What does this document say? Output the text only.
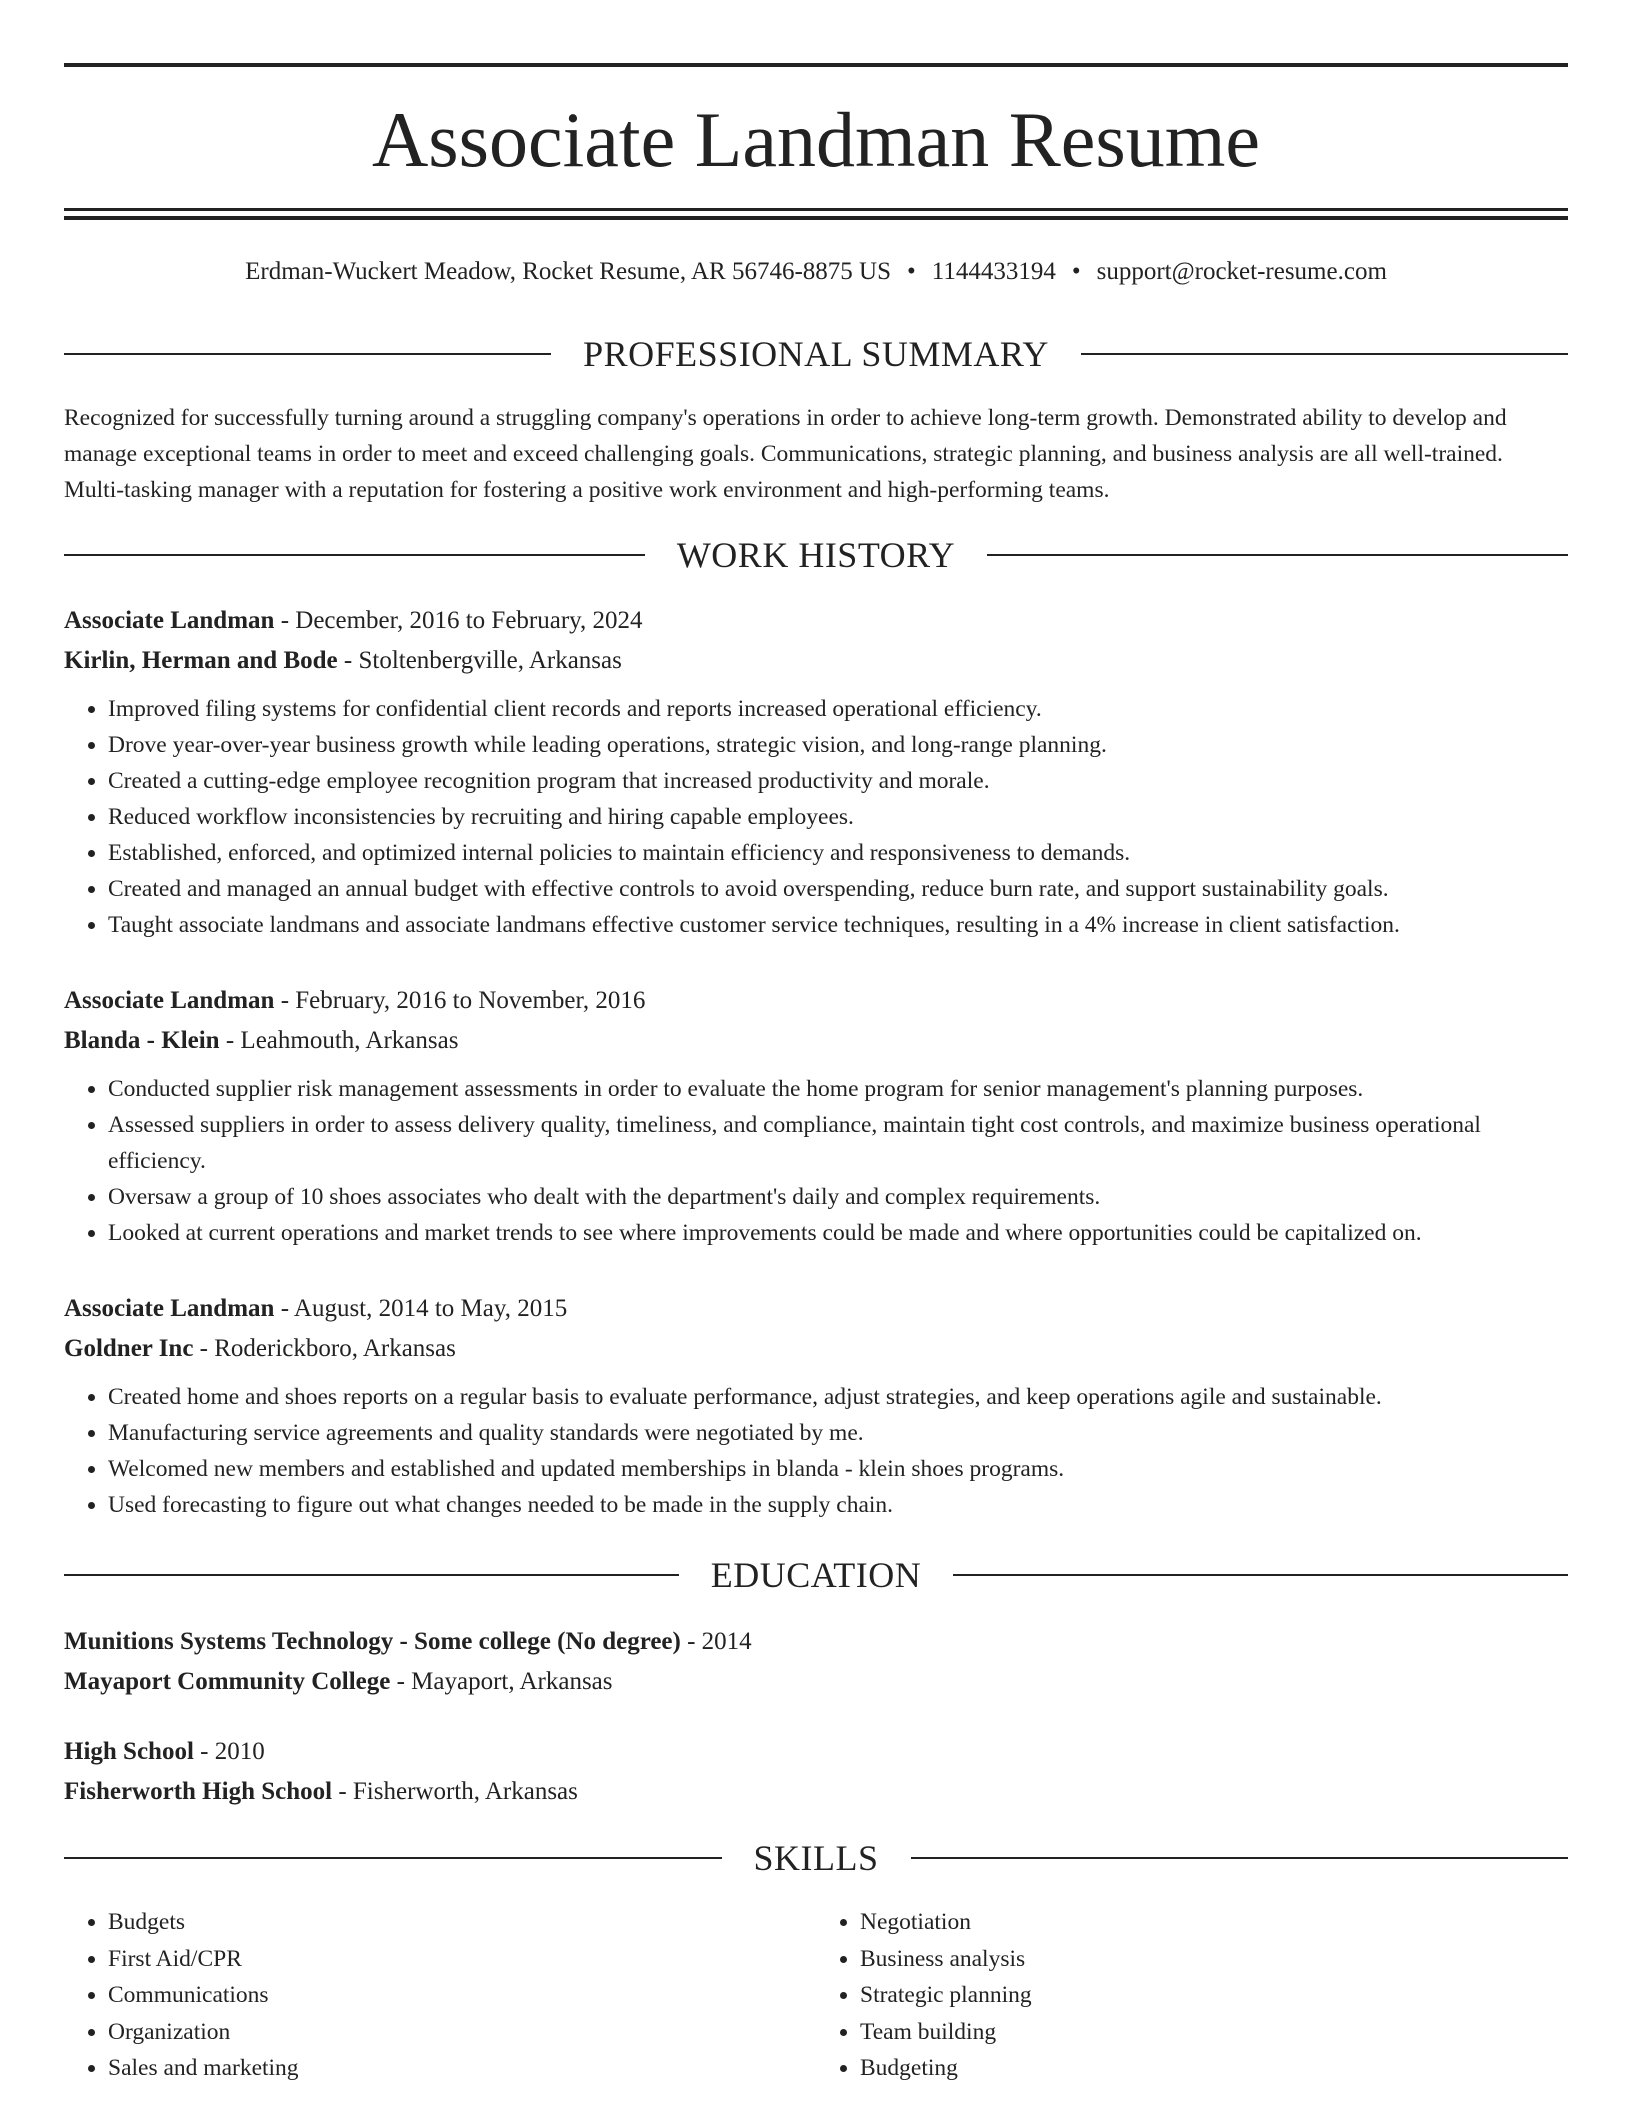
Associate Landman Resume
Erdman-Wuckert Meadow, Rocket Resume, AR 56746-8875 US • 1144433194 • support@rocket-resume.com
PROFESSIONAL SUMMARY

Recognized for successfully turning around a struggling company's operations in order to achieve long-term growth. Demonstrated ability to develop and manage exceptional teams in order to meet and exceed challenging goals. Communications, strategic planning, and business analysis are all well-trained. Multi-tasking manager with a reputation for fostering a positive work environment and high-performing teams.

WORK HISTORY
Associate Landman - December, 2016 to February, 2024
Kirlin, Herman and Bode - Stoltenbergville, Arkansas
• Improved filing systems for confidential client records and reports increased operational efficiency.
• Drove year-over-year business growth while leading operations, strategic vision, and long-range planning.
• Created a cutting-edge employee recognition program that increased productivity and morale.
• Reduced workflow inconsistencies by recruiting and hiring capable employees.
• Established, enforced, and optimized internal policies to maintain efficiency and responsiveness to demands.
• Created and managed an annual budget with effective controls to avoid overspending, reduce burn rate, and support sustainability goals.
• Taught associate landmans and associate landmans effective customer service techniques, resulting in a 4% increase in client satisfaction.
Associate Landman - February, 2016 to November, 2016
Blanda - Klein - Leahmouth, Arkansas
• Conducted supplier risk management assessments in order to evaluate the home program for senior management's planning purposes.
• Assessed suppliers in order to assess delivery quality, timeliness, and compliance, maintain tight cost controls, and maximize business operational efficiency.
• Oversaw a group of 10 shoes associates who dealt with the department's daily and complex requirements.
• Looked at current operations and market trends to see where improvements could be made and where opportunities could be capitalized on.
Associate Landman - August, 2014 to May, 2015
Goldner Inc - Roderickboro, Arkansas
• Created home and shoes reports on a regular basis to evaluate performance, adjust strategies, and keep operations agile and sustainable.
• Manufacturing service agreements and quality standards were negotiated by me.
• Welcomed new members and established and updated memberships in blanda - klein shoes programs.
• Used forecasting to figure out what changes needed to be made in the supply chain.
EDUCATION
Munitions Systems Technology - Some college (No degree) - 2014
Mayaport Community College - Mayaport, Arkansas
High School - 2010
Fisherworth High School - Fisherworth, Arkansas
SKILLS
• Budgets
• First Aid/CPR
• Communications
• Organization
• Sales and marketing
• Negotiation
• Business analysis
• Strategic planning
• Team building
• Budgeting
